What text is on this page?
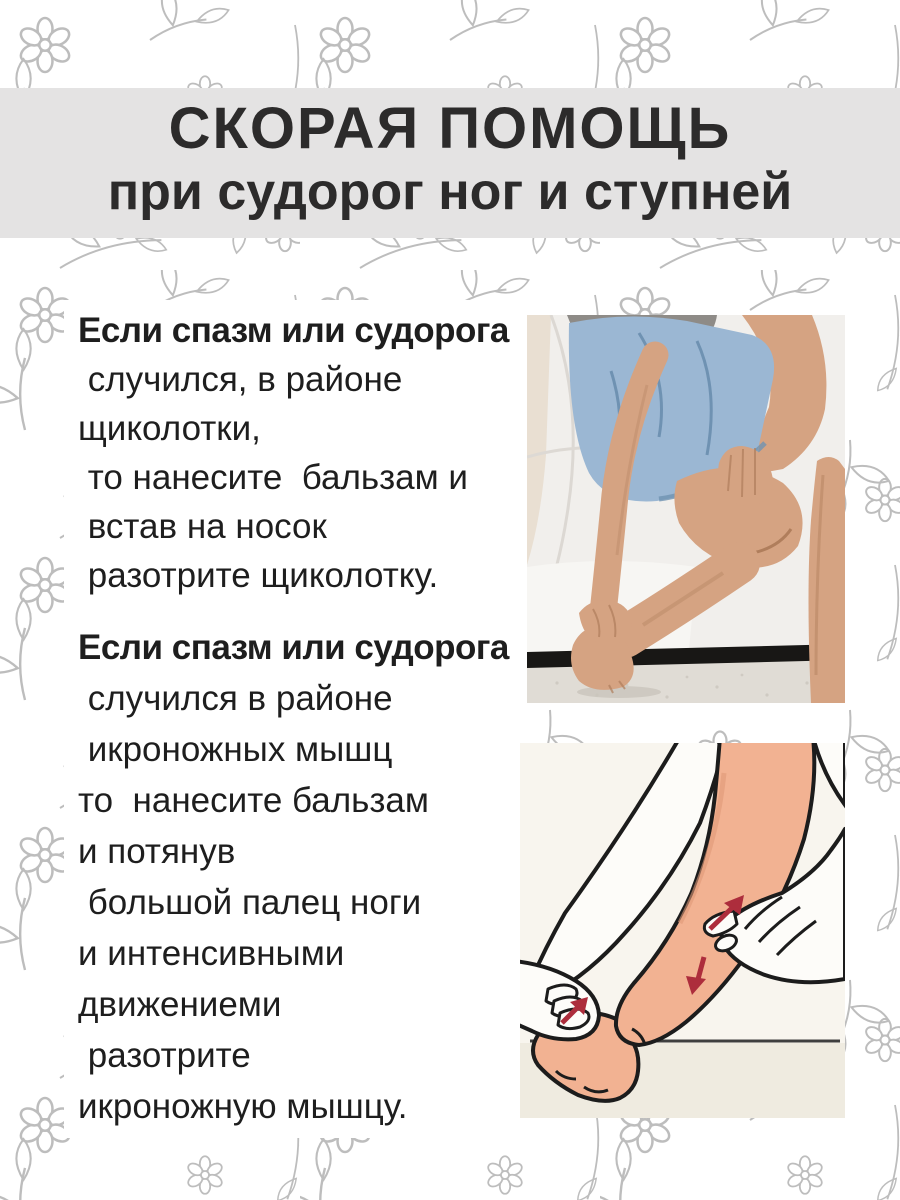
СКОРАЯ ПОМОЩЬ
при судорог ног и ступней
Если спазм или судорога
случился, в районе
щиколотки,
то нанесите  бальзам и
встав на носок
разотрите щиколотку.
Если спазм или судорога
случился в районе
икроножных мышц
то  нанесите бальзам
и потянув
большой палец ноги
и интенсивными
движениеми
разотрите
икроножную мышцу.
